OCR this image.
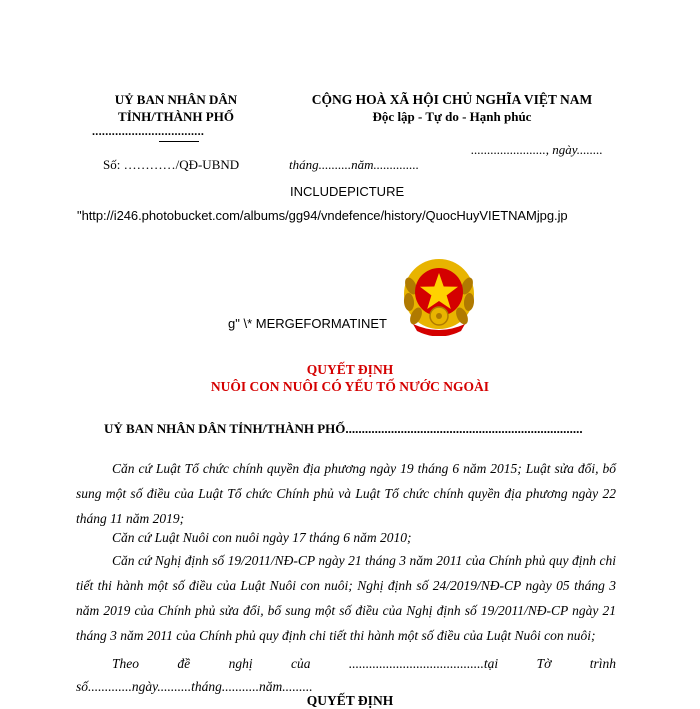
UỶ BAN NHÂN DÂN
TỈNH/THÀNH PHỐ
..................................
Số: …………/QĐ-UBND
CỘNG HOÀ XÃ HỘI CHỦ NGHĨA VIỆT NAM
Độc lập - Tự do - Hạnh phúc
......................., ngày........
tháng..........năm..............
INCLUDEPICTURE
"http://i246.photobucket.com/albums/gg94/vndefence/history/QuocHuyVIETNAMjpg.jp
g" \* MERGEFORMATINET
QUYẾT ĐỊNH
NUÔI CON NUÔI CÓ YẾU TỐ NƯỚC NGOÀI
UỶ BAN NHÂN DÂN TỈNH/THÀNH PHỐ.........................................................................
Căn cứ Luật Tổ chức chính quyền địa phương ngày 19 tháng 6 năm 2015; Luật sửa đổi, bổ sung một số điều của Luật Tổ chức Chính phủ và Luật Tổ chức chính quyền địa phương ngày 22 tháng 11 năm 2019;
Căn cứ Luật Nuôi con nuôi ngày 17 tháng 6 năm 2010;
Căn cứ Nghị định số 19/2011/NĐ-CP ngày 21 tháng 3 năm 2011 của Chính phủ quy định chi tiết thi hành một số điều của Luật Nuôi con nuôi; Nghị định số 24/2019/NĐ-CP ngày 05 tháng 3 năm 2019 của Chính phủ sửa đổi, bổ sung một số điều của Nghị định số 19/2011/NĐ-CP ngày 21 tháng 3 năm 2011 của Chính phủ quy định chi tiết thi hành một số điều của Luật Nuôi con nuôi;
Theo	đề	nghị	của	........................................tại	Tờ	trình
số.............ngày..........tháng...........năm.........
QUYẾT ĐỊNH
